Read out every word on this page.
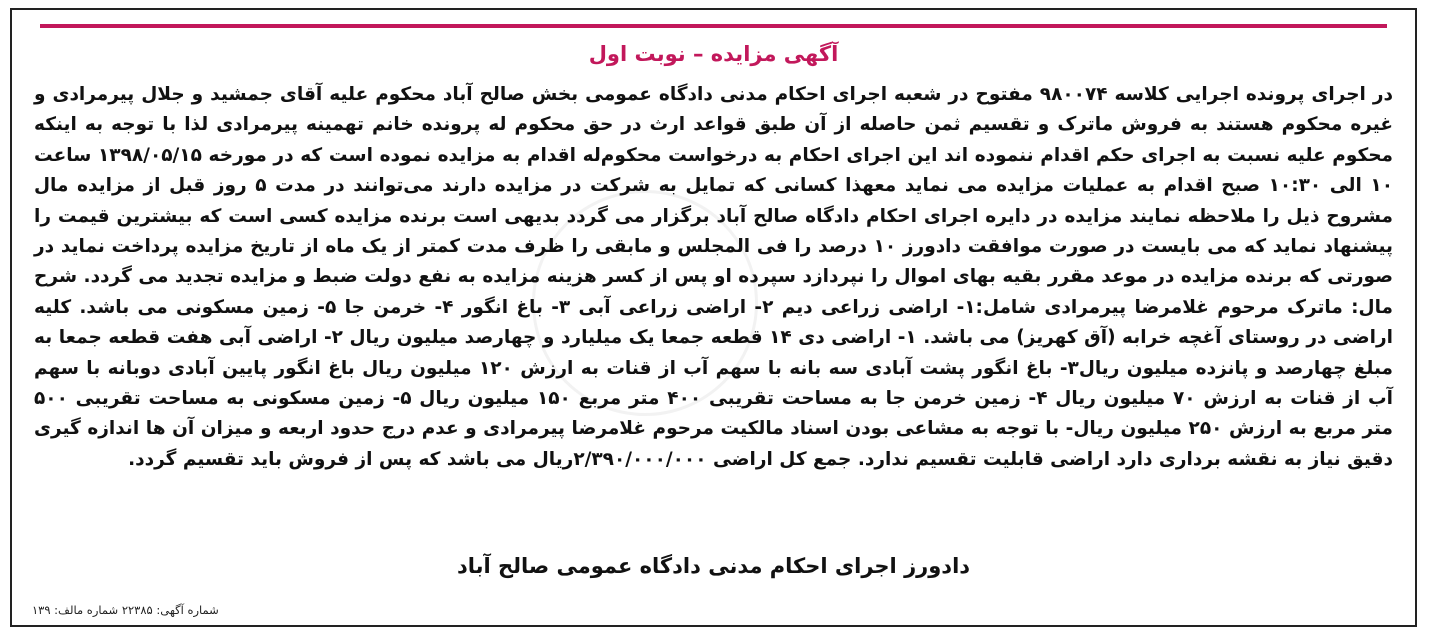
آگهی مزایده – نوبت اول

در اجرای پرونده اجرایی کلاسه ۹۸۰۰۷۴ مفتوح در شعبه اجرای احکام مدنی دادگاه عمومی بخش صالح آباد محکوم علیه آقای جمشید و جلال پیرمرادی و غیره محکوم هستند به فروش ماترک و تقسیم ثمن حاصله از آن طبق قواعد ارث در حق محکوم له پرونده خانم تهمینه پیرمرادی لذا با توجه به اینکه محکوم علیه نسبت به اجرای حکم اقدام ننموده اند این اجرای احکام به درخواست محکوم‌له اقدام به مزایده نموده است که در مورخه ۱۳۹۸/۰۵/۱۵ ساعت ۱۰ الی ۱۰:۳۰ صبح اقدام به عملیات مزایده می نماید معهذا کسانی که تمایل به شرکت در مزایده دارند می‌توانند در مدت ۵ روز قبل از مزایده مال مشروح ذیل را ملاحظه نمایند مزایده در دایره اجرای احکام دادگاه صالح آباد برگزار می گردد بدیهی است برنده مزایده کسی است که بیشترین قیمت را پیشنهاد نماید که می بایست در صورت موافقت دادورز ۱۰ درصد را فی المجلس و مابقی را ظرف مدت کمتر از یک ماه از تاریخ مزایده پرداخت نماید در صورتی که برنده مزایده در موعد مقرر بقیه بهای اموال را نپردازد سپرده او پس از کسر هزینه مزایده به نفع دولت ضبط و مزایده تجدید می گردد. شرح مال: ماترک مرحوم غلامرضا پیرمرادی شامل:۱- اراضی زراعی دیم ۲- اراضی زراعی آبی ۳- باغ انگور ۴- خرمن جا ۵- زمین مسکونی می باشد. کلیه اراضی در روستای آغچه خرابه (آق کهریز) می باشد. ۱- اراضی دی ۱۴ قطعه جمعا یک میلیارد و چهارصد میلیون ریال ۲- اراضی آبی هفت قطعه جمعا به مبلغ چهارصد و پانزده میلیون ریال۳- باغ انگور پشت آبادی سه بانه با سهم آب از قنات به ارزش ۱۲۰ میلیون ریال باغ انگور پایین آبادی دوبانه با سهم آب از قنات به ارزش ۷۰ میلیون ریال ۴- زمین خرمن جا به مساحت تقریبی ۴۰۰ متر مربع ۱۵۰ میلیون ریال ۵- زمین مسکونی به مساحت تقریبی ۵۰۰ متر مربع به ارزش ۲۵۰ میلیون ریال- با توجه به مشاعی بودن اسناد مالکیت مرحوم غلامرضا پیرمرادی و عدم درج حدود اربعه و میزان آن ها اندازه گیری دقیق نیاز به نقشه برداری دارد اراضی قابلیت تقسیم ندارد. جمع کل اراضی ۲/۳۹۰/۰۰۰/۰۰۰ریال می باشد که پس از فروش باید تقسیم گردد.

دادورز اجرای احکام مدنی دادگاه عمومی صالح آباد
شماره آگهی: ۲۲۳۸۵ شماره مالف: ۱۳۹
